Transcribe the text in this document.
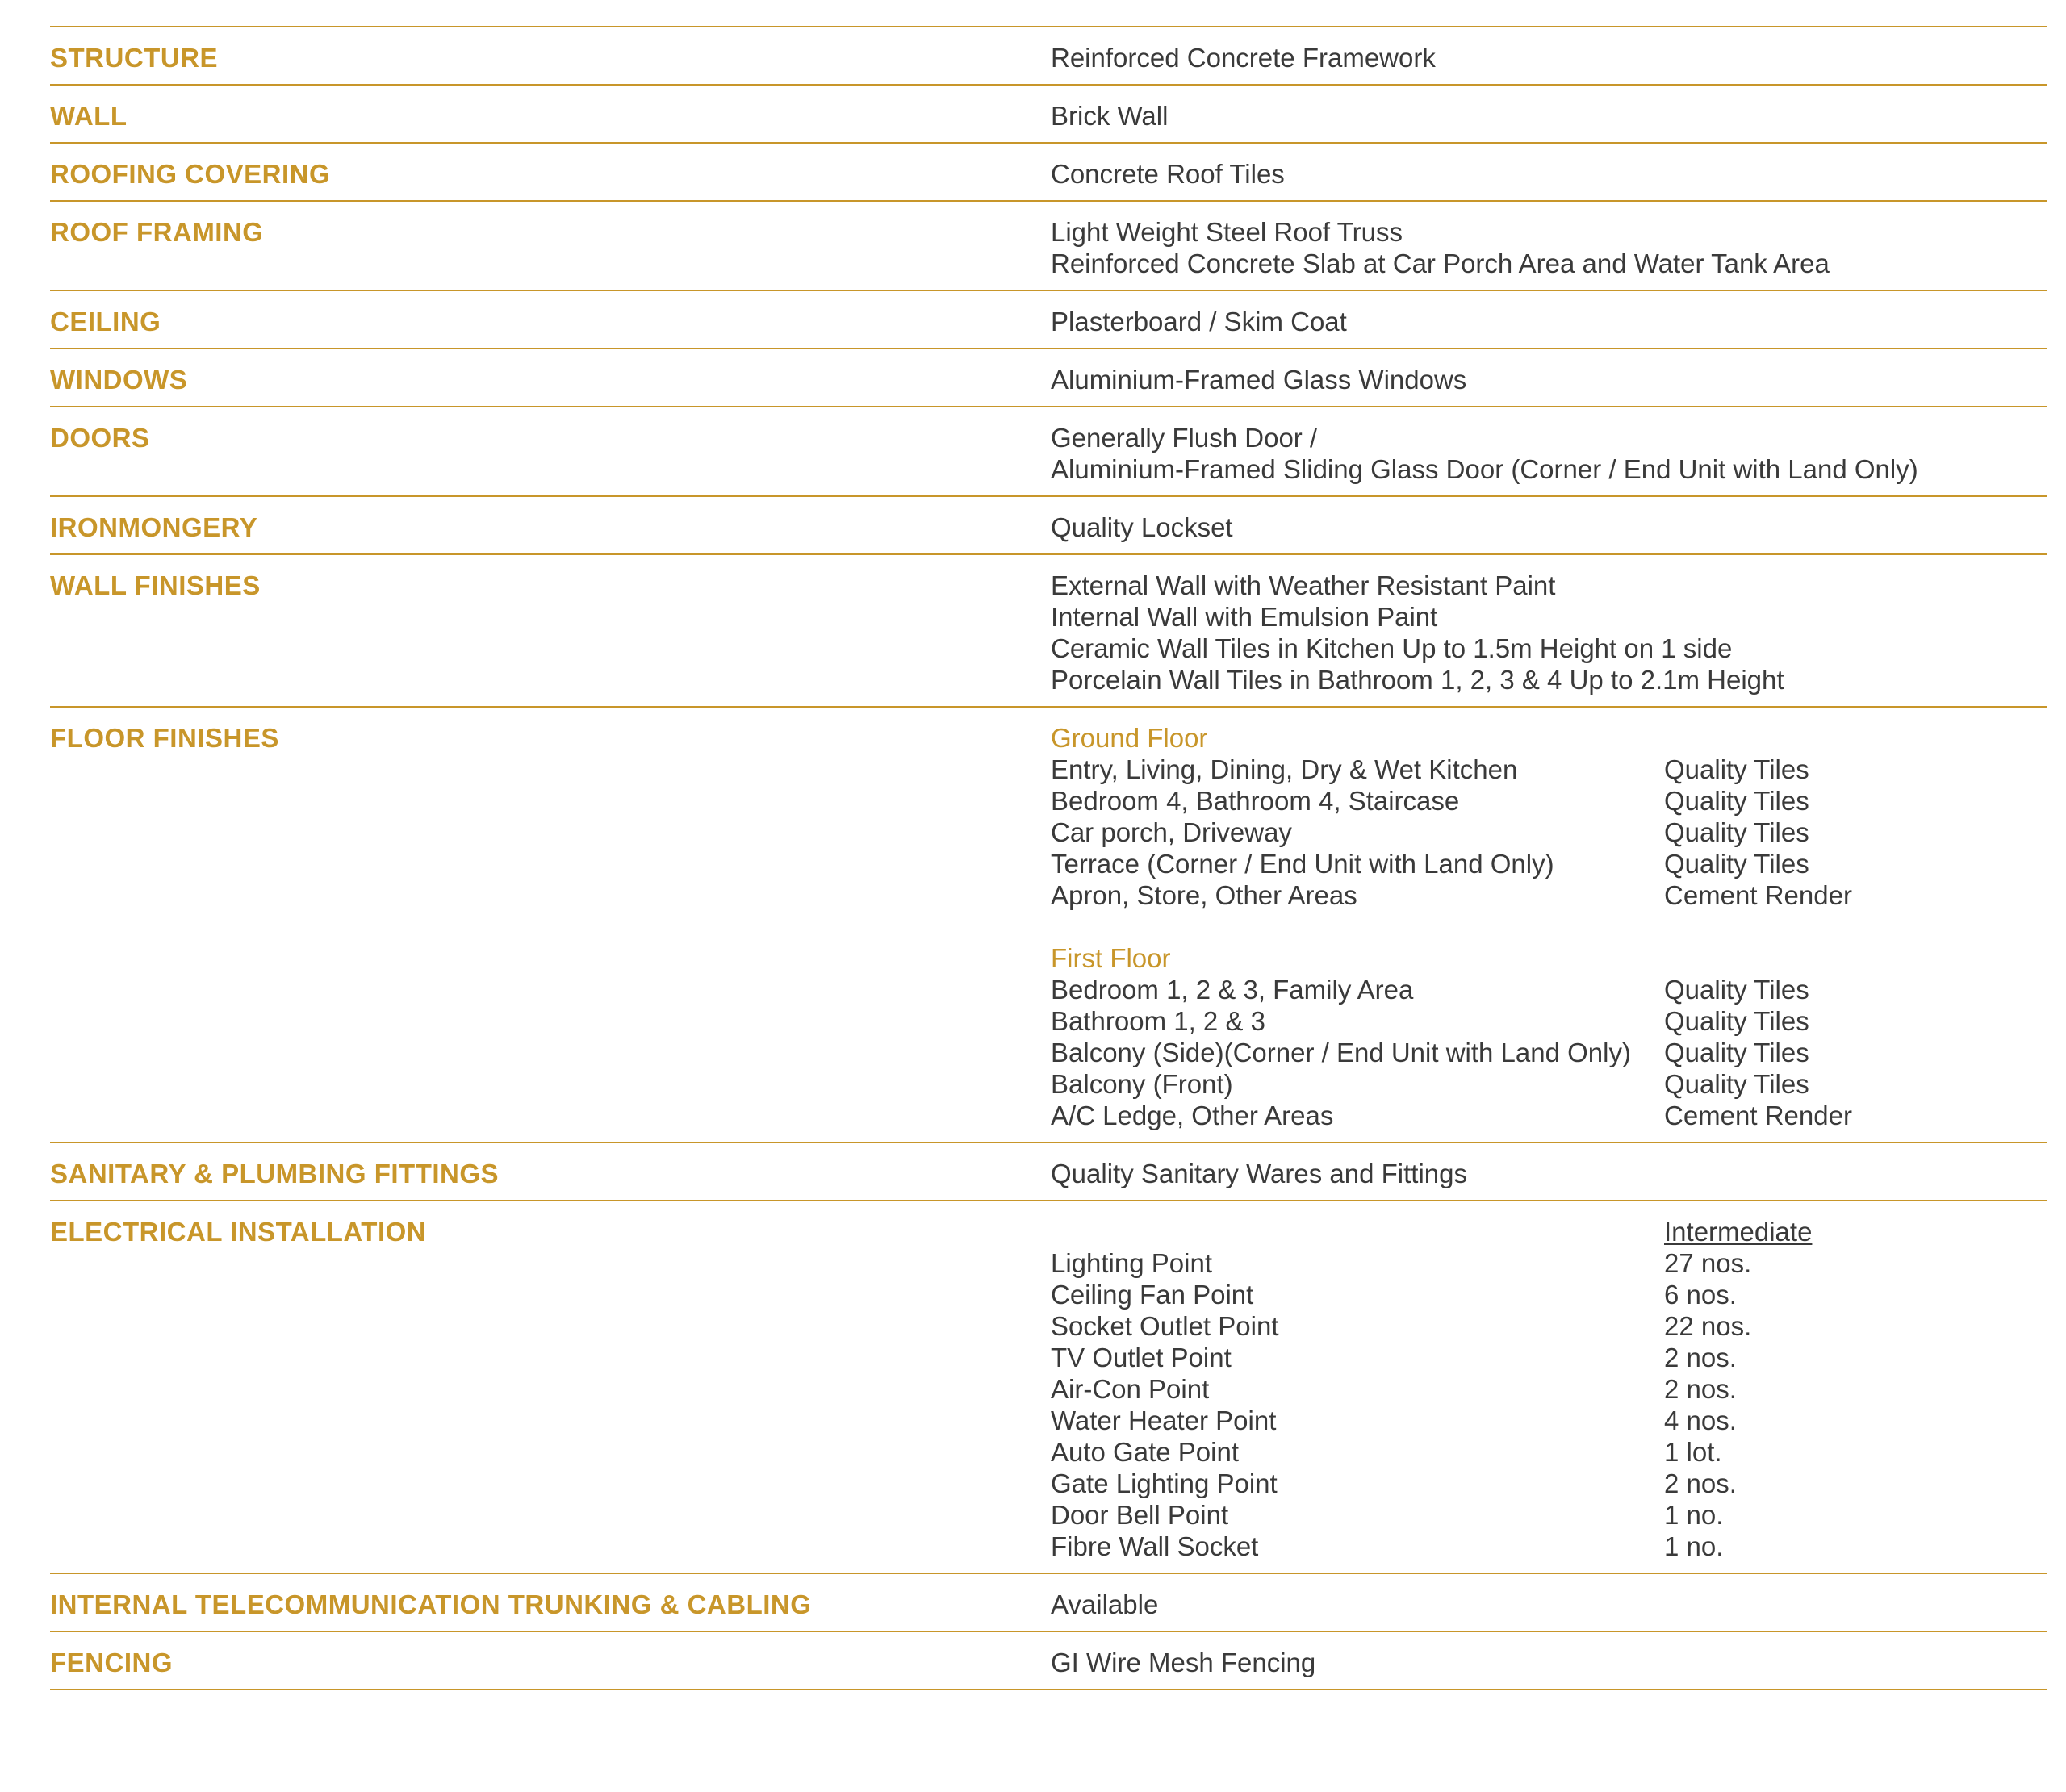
STRUCTURE	Reinforced Concrete Framework
WALL	Brick Wall
ROOFING COVERING	Concrete Roof Tiles
ROOF FRAMING	Light Weight Steel Roof Truss
Reinforced Concrete Slab at Car Porch Area and Water Tank Area
CEILING	Plasterboard / Skim Coat
WINDOWS	Aluminium-Framed Glass Windows
DOORS	Generally Flush Door /
Aluminium-Framed Sliding Glass Door (Corner / End Unit with Land Only)
IRONMONGERY	Quality Lockset
WALL FINISHES	External Wall with Weather Resistant Paint
Internal Wall with Emulsion Paint
Ceramic Wall Tiles in Kitchen Up to 1.5m Height on 1 side
Porcelain Wall Tiles in Bathroom 1, 2, 3 & 4 Up to 2.1m Height
FLOOR FINISHES	Ground Floor
Entry, Living, Dining, Dry & Wet Kitchen	Quality Tiles
Bedroom 4, Bathroom 4, Staircase	Quality Tiles
Car porch, Driveway	Quality Tiles
Terrace (Corner / End Unit with Land Only)	Quality Tiles
Apron, Store, Other Areas	Cement Render
First Floor
Bedroom 1, 2 & 3, Family Area	Quality Tiles
Bathroom 1, 2 & 3	Quality Tiles
Balcony (Side)(Corner / End Unit with Land Only)	Quality Tiles
Balcony (Front)	Quality Tiles
A/C Ledge, Other Areas	Cement Render
SANITARY & PLUMBING FITTINGS	Quality Sanitary Wares and Fittings
ELECTRICAL INSTALLATION	Intermediate
Lighting Point	27 nos.
Ceiling Fan Point	6 nos.
Socket Outlet Point	22 nos.
TV Outlet Point	2 nos.
Air-Con Point	2 nos.
Water Heater Point	4 nos.
Auto Gate Point	1 lot.
Gate Lighting Point	2 nos.
Door Bell Point	1 no.
Fibre Wall Socket	1 no.
INTERNAL TELECOMMUNICATION TRUNKING & CABLING	Available
FENCING	GI Wire Mesh Fencing
